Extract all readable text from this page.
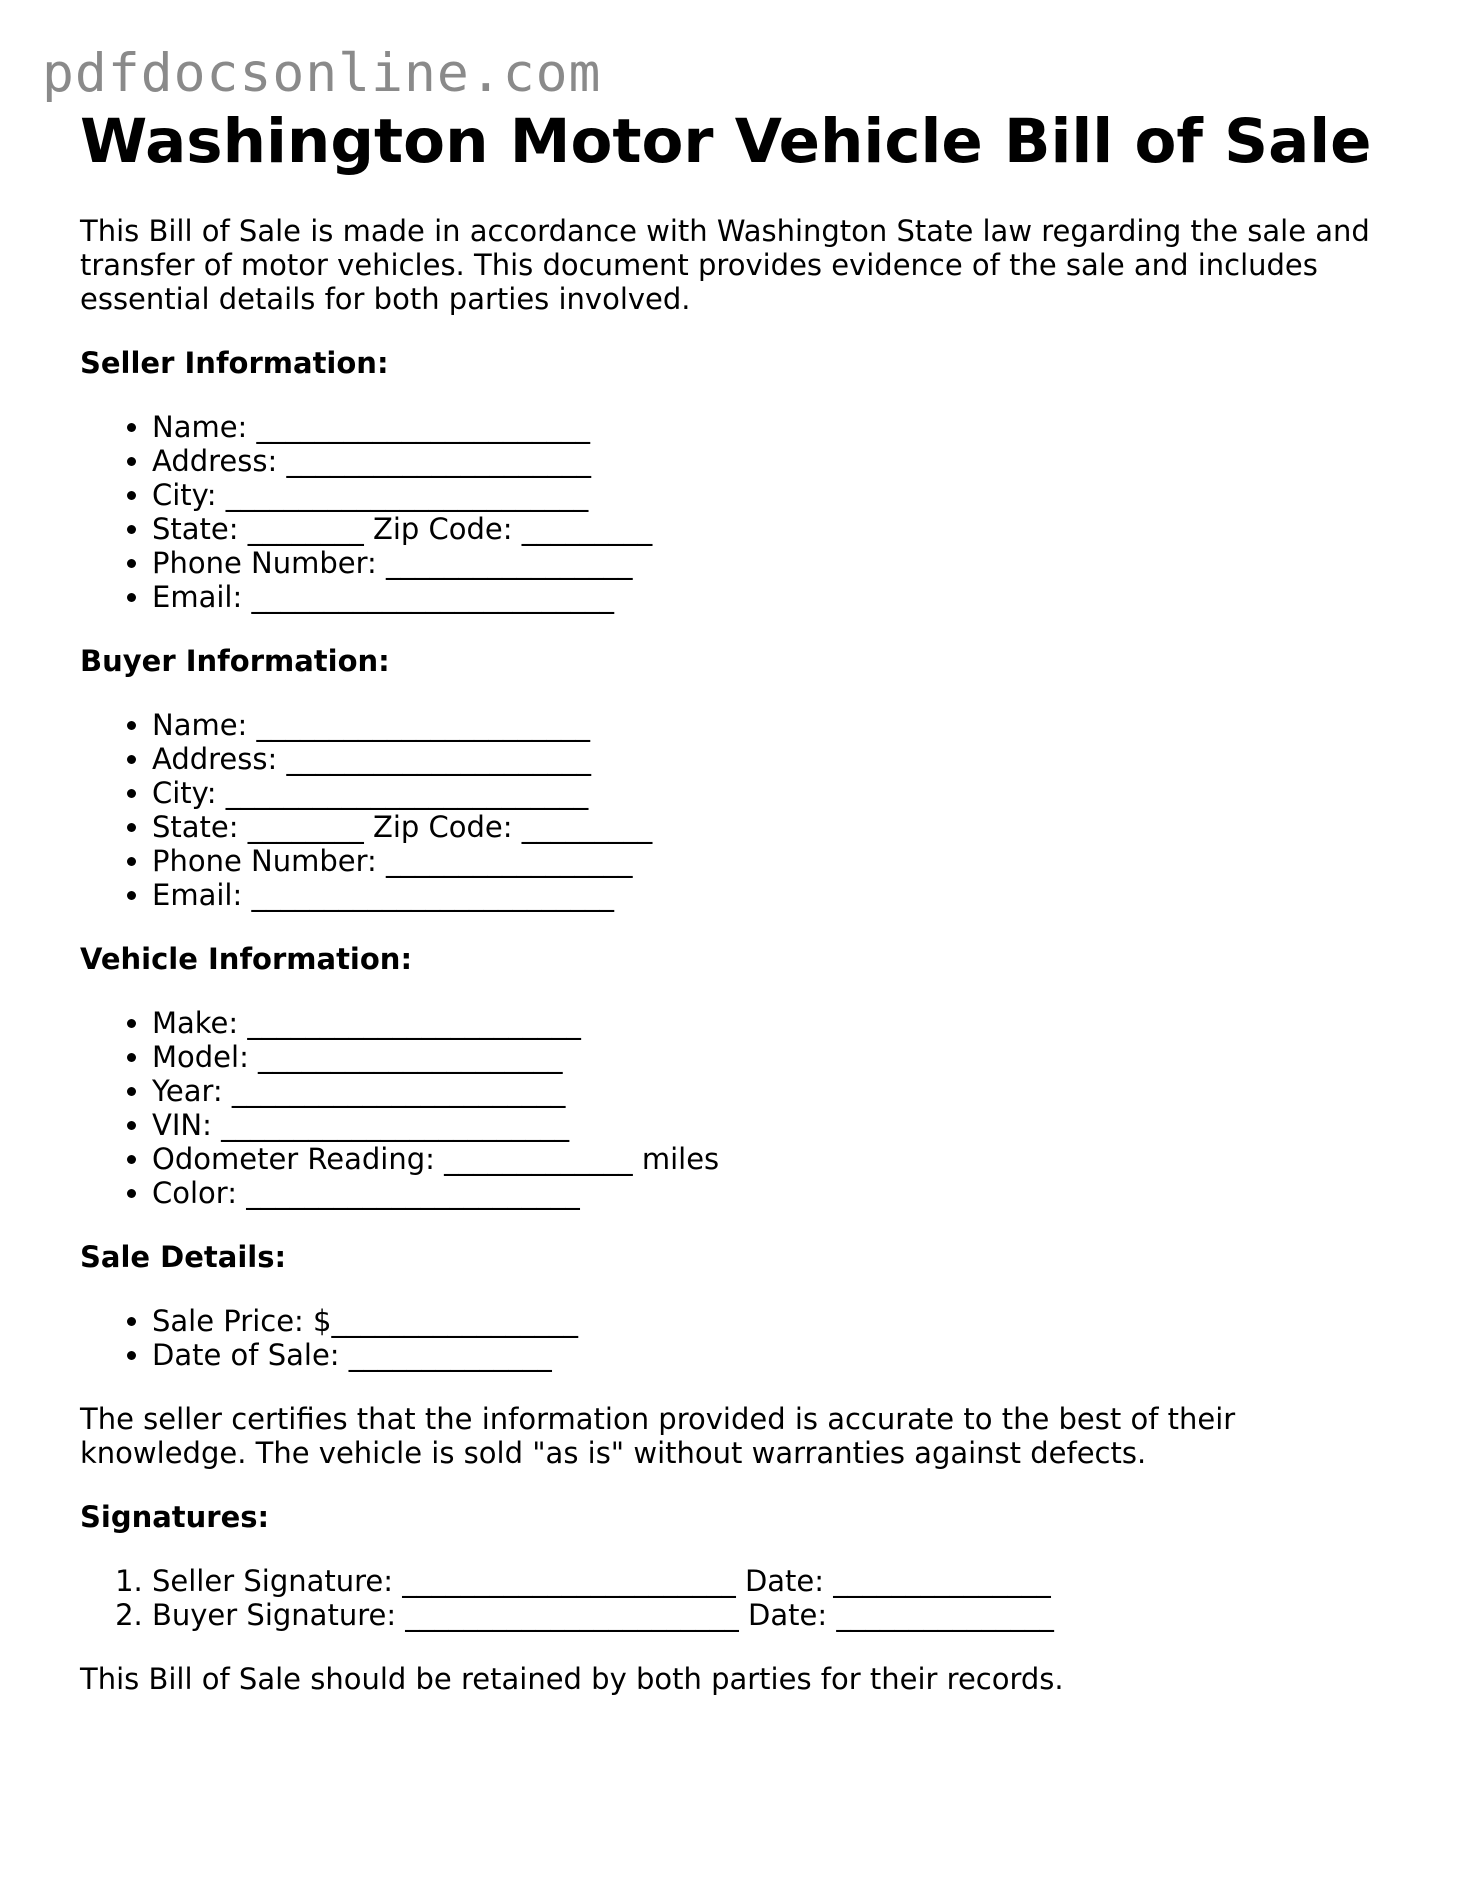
pdfdocsonline.com
Washington Motor Vehicle Bill of Sale

This Bill of Sale is made in accordance with Washington State law regarding the sale and transfer of motor vehicles. This document provides evidence of the sale and includes essential details for both parties involved.

Seller Information:
• Name: _______________________
• Address: _____________________
• City: _________________________
• State: ________ Zip Code: _________
• Phone Number: _________________
• Email: _________________________
Buyer Information:
• Name: _______________________
• Address: _____________________
• City: _________________________
• State: ________ Zip Code: _________
• Phone Number: _________________
• Email: _________________________
Vehicle Information:
• Make: _______________________
• Model: _____________________
• Year: _______________________
• VIN: ________________________
• Odometer Reading: _____________ miles
• Color: _______________________
Sale Details:
• Sale Price: $_________________
• Date of Sale: ______________

The seller certifies that the information provided is accurate to the best of their knowledge. The vehicle is sold "as is" without warranties against defects.

Signatures:
1. Seller Signature: _______________________ Date: _______________
2. Buyer Signature: _______________________ Date: _______________

This Bill of Sale should be retained by both parties for their records.
